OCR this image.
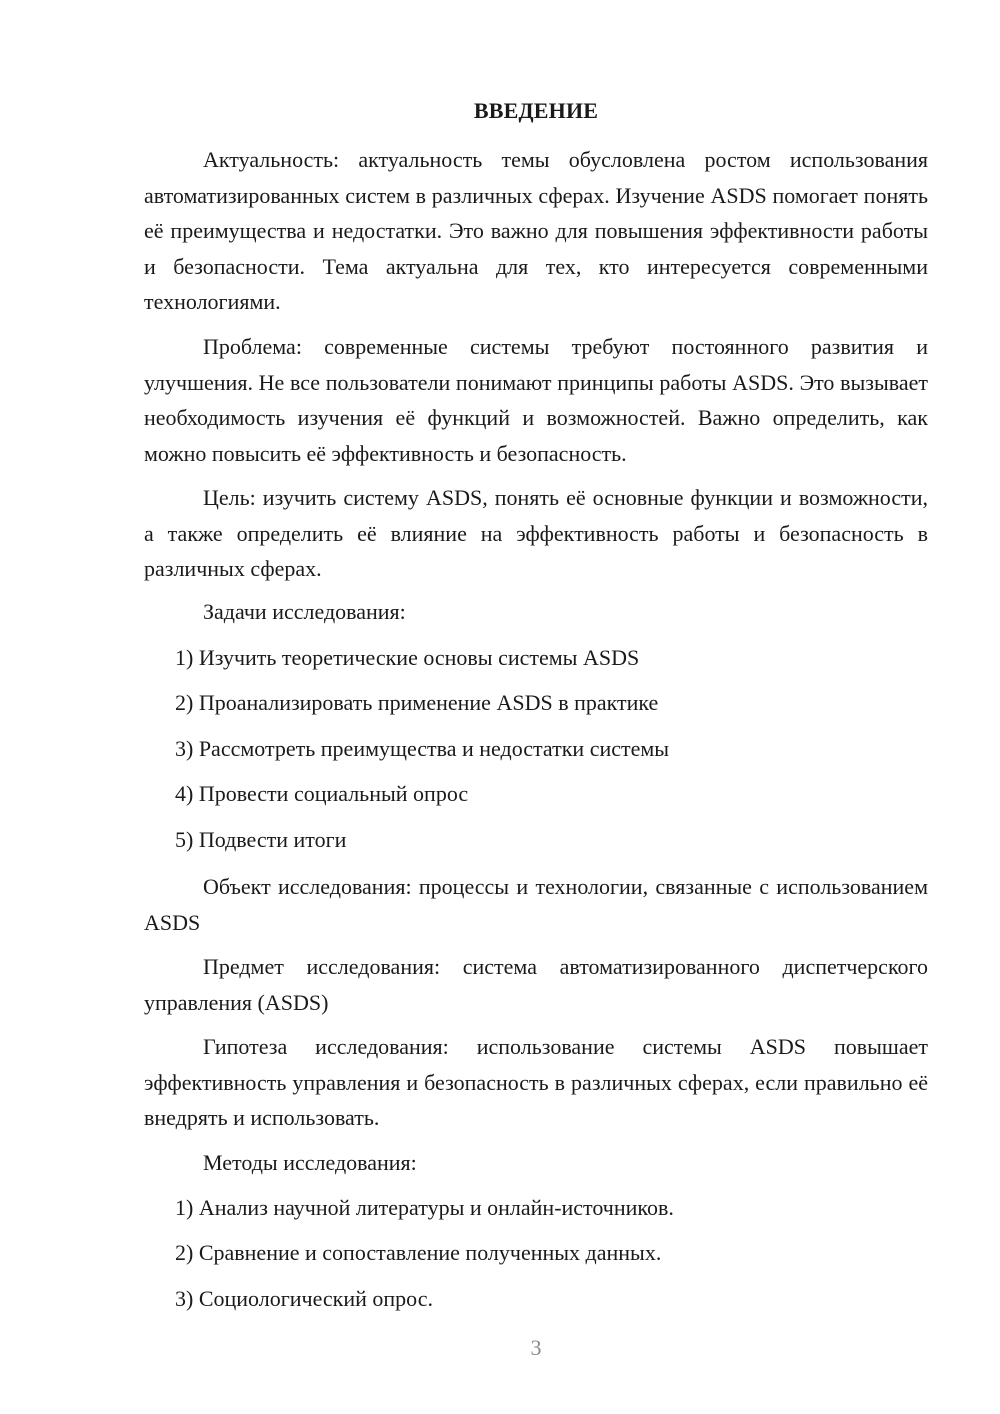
ВВЕДЕНИЕ

Актуальность: актуальность темы обусловлена ростом использования автоматизированных систем в различных сферах. Изучение ASDS помогает понять её преимущества и недостатки. Это важно для повышения эффективности работы и безопасности. Тема актуальна для тех, кто интересуется современными технологиями.

Проблема: современные системы требуют постоянного развития и улучшения. Не все пользователи понимают принципы работы ASDS. Это вызывает необходимость изучения её функций и возможностей. Важно определить, как можно повысить её эффективность и безопасность.

Цель: изучить систему ASDS, понять её основные функции и возможности, а также определить её влияние на эффективность работы и безопасность в различных сферах.

Задачи исследования:

1) Изучить теоретические основы системы ASDS

2) Проанализировать применение ASDS в практике

3) Рассмотреть преимущества и недостатки системы

4) Провести социальный опрос

5) Подвести итоги

Объект исследования: процессы и технологии, связанные с использованием ASDS

Предмет исследования: система автоматизированного диспетчерского управления (ASDS)

Гипотеза исследования: использование системы ASDS повышает эффективность управления и безопасность в различных сферах, если правильно её внедрять и использовать.

Методы исследования:

1) Анализ научной литературы и онлайн-источников.

2) Сравнение и сопоставление полученных данных.

3) Социологический опрос.

3
